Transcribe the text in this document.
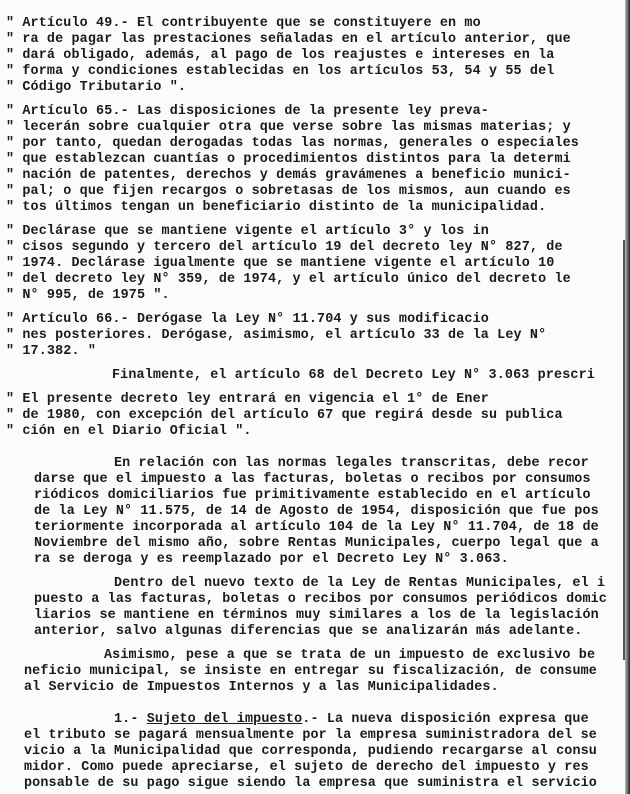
" Artículo 49.- El contribuyente que se constituyere en mo
" ra de pagar las prestaciones señaladas en el artículo anterior, que
" dará obligado, además, al pago de los reajustes e intereses en la
" forma y condiciones establecidas en los artículos 53, 54 y 55 del
" Código Tributario ".
" Artículo 65.- Las disposiciones de la presente ley preva-
" lecerán sobre cualquier otra que verse sobre las mismas materias; y
" por tanto, quedan derogadas todas las normas, generales o especiales
" que establezcan cuantías o procedimientos distintos para la determi
" nación de patentes, derechos y demás gravámenes a beneficio munici-
" pal; o que fijen recargos o sobretasas de los mismos, aun cuando es
" tos últimos tengan un beneficiario distinto de la municipalidad.
" Declárase que se mantiene vigente el artículo 3° y los in
" cisos segundo y tercero del artículo 19 del decreto ley N° 827, de
" 1974. Declárase igualmente que se mantiene vigente el artículo 10
" del decreto ley N° 359, de 1974, y el artículo único del decreto le
" N° 995, de 1975 ".
" Artículo 66.- Derógase la Ley N° 11.704 y sus modificacio
" nes posteriores. Derógase, asimismo, el artículo 33 de la Ley N°
" 17.382. "
Finalmente, el artículo 68 del Decreto Ley N° 3.063 prescri
" El presente decreto ley entrará en vigencia el 1° de Ener
" de 1980, con excepción del artículo 67 que regirá desde su publica
" ción en el Diario Oficial ".
En relación con las normas legales transcritas, debe recor
darse que el impuesto a las facturas, boletas o recibos por consumos
riódicos domiciliarios fue primitivamente establecido en el artículo
de la Ley N° 11.575, de 14 de Agosto de 1954, disposición que fue pos
teriormente incorporada al artículo 104 de la Ley N° 11.704, de 18 de
Noviembre del mismo año, sobre Rentas Municipales, cuerpo legal que a
ra se deroga y es reemplazado por el Decreto Ley N° 3.063.
Dentro del nuevo texto de la Ley de Rentas Municipales, el i
puesto a las facturas, boletas o recibos por consumos periódicos domic
liarios se mantiene en términos muy similares a los de la legislación
anterior, salvo algunas diferencias que se analizarán más adelante.
Asimismo, pese a que se trata de un impuesto de exclusivo be
neficio municipal, se insiste en entregar su fiscalización, de consume
al Servicio de Impuestos Internos y a las Municipalidades.
1.- Sujeto del impuesto.- La nueva disposición expresa que
el tributo se pagará mensualmente por la empresa suministradora del se
vicio a la Municipalidad que corresponda, pudiendo recargarse al consu
midor. Como puede apreciarse, el sujeto de derecho del impuesto y res
ponsable de su pago sigue siendo la empresa que suministra el servicio
